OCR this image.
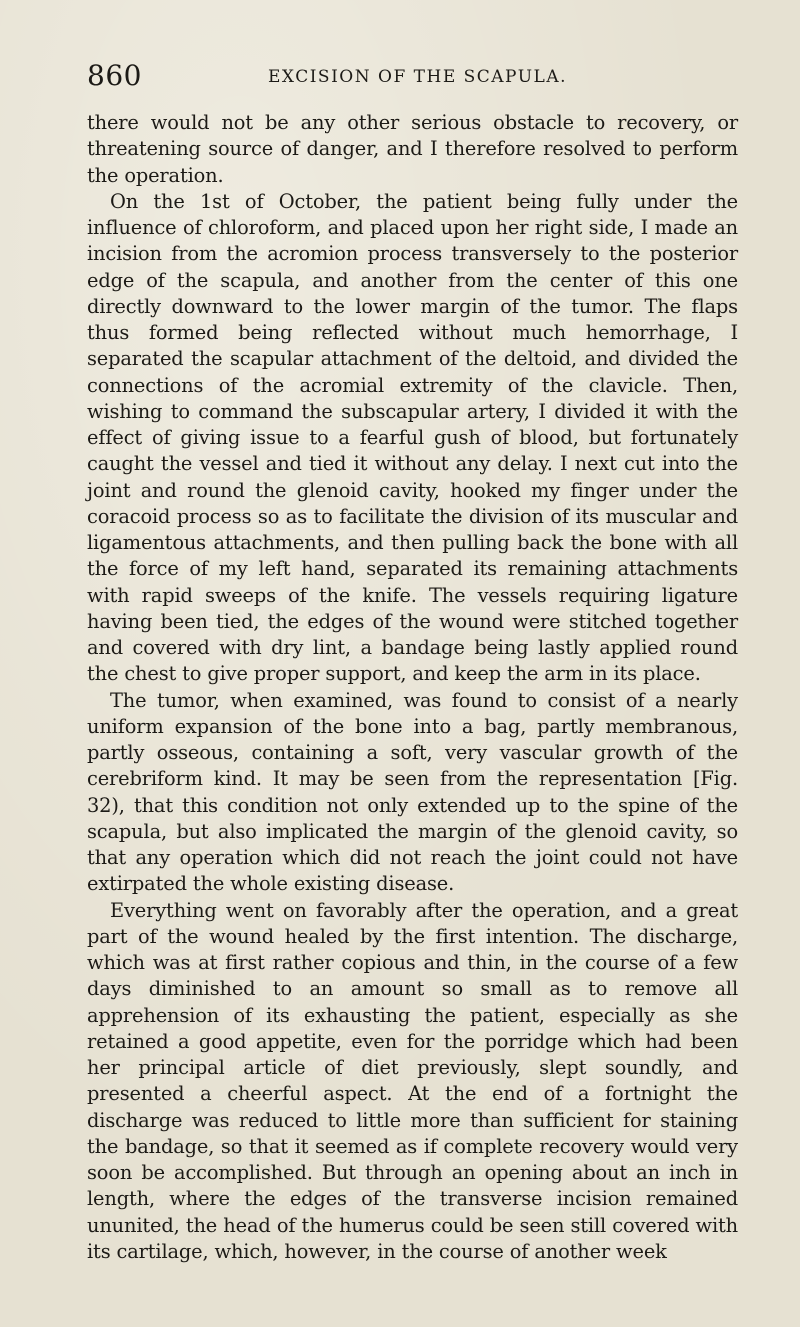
860	EXCISION OF THE SCAPULA.

there would not be any other serious obstacle to recovery, or threatening source of danger, and I therefore resolved to perform the operation.

On the 1st of October, the patient being fully under the influence of chloroform, and placed upon her right side, I made an incision from the acromion process transversely to the posterior edge of the scapula, and another from the center of this one directly downward to the lower margin of the tumor. The flaps thus formed being reflected without much hemorrhage, I separated the scapular attachment of the deltoid, and divided the connections of the acromial extremity of the clavicle. Then, wishing to command the subscapular artery, I divided it with the effect of giving issue to a fearful gush of blood, but fortunately caught the vessel and tied it without any delay. I next cut into the joint and round the glenoid cavity, hooked my finger under the coracoid process so as to facilitate the division of its muscular and ligamentous attachments, and then pulling back the bone with all the force of my left hand, separated its remaining attachments with rapid sweeps of the knife. The vessels requiring ligature having been tied, the edges of the wound were stitched together and covered with dry lint, a bandage being lastly applied round the chest to give proper support, and keep the arm in its place.

The tumor, when examined, was found to consist of a nearly uniform expansion of the bone into a bag, partly membranous, partly osseous, containing a soft, very vascular growth of the cerebriform kind. It may be seen from the representation [Fig. 32), that this condition not only extended up to the spine of the scapula, but also implicated the margin of the glenoid cavity, so that any operation which did not reach the joint could not have extirpated the whole existing disease.

Everything went on favorably after the operation, and a great part of the wound healed by the first intention. The discharge, which was at first rather copious and thin, in the course of a few days diminished to an amount so small as to remove all apprehension of its exhausting the patient, especially as she retained a good appetite, even for the porridge which had been her principal article of diet previously, slept soundly, and presented a cheerful aspect. At the end of a fortnight the discharge was reduced to little more than sufficient for staining the bandage, so that it seemed as if complete recovery would very soon be accomplished. But through an opening about an inch in length, where the edges of the transverse incision remained ununited, the head of the humerus could be seen still covered with its cartilage, which, however, in the course of another week
